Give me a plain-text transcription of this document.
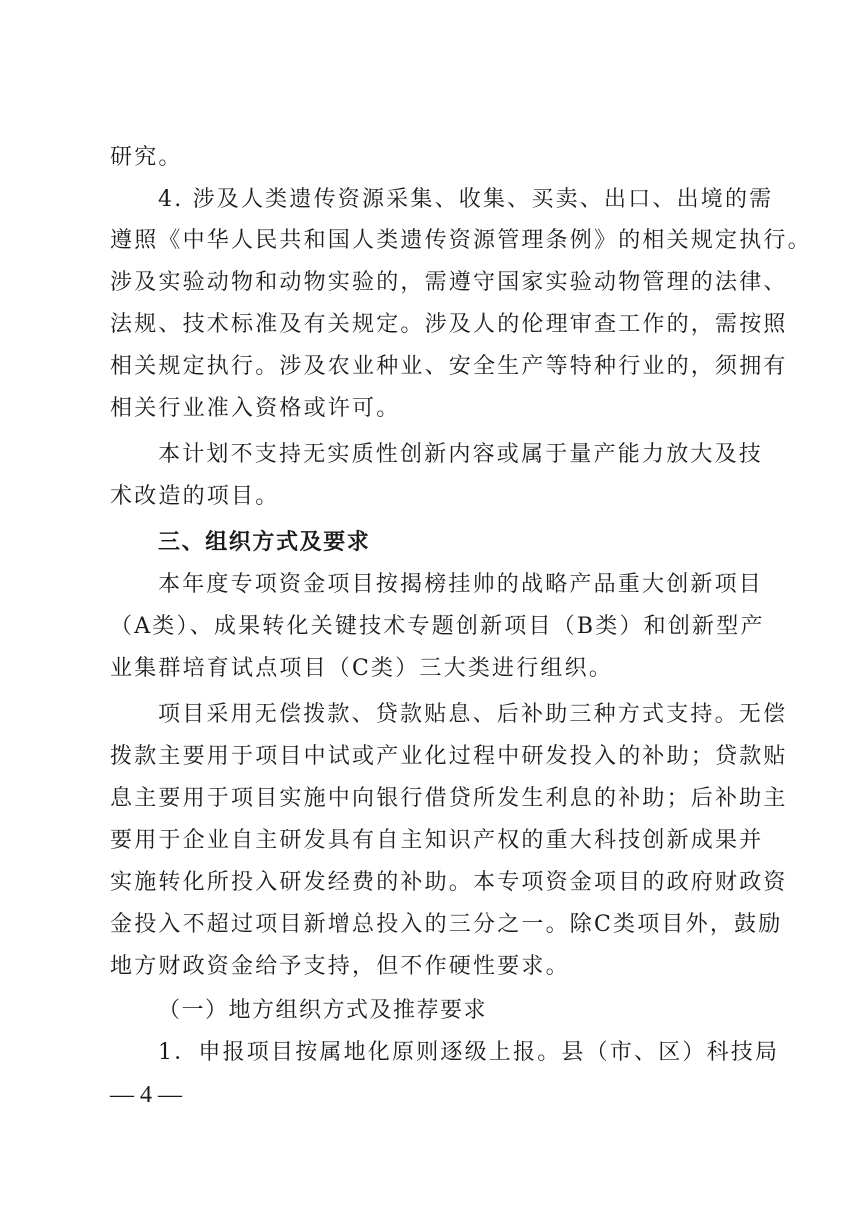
研究。
4. 涉及人类遗传资源采集、收集、买卖、出口、出境的需
遵照《中华人民共和国人类遗传资源管理条例》的相关规定执行。
涉及实验动物和动物实验的，需遵守国家实验动物管理的法律、
法规、技术标准及有关规定。涉及人的伦理审查工作的，需按照
相关规定执行。涉及农业种业、安全生产等特种行业的，须拥有
相关行业准入资格或许可。
本计划不支持无实质性创新内容或属于量产能力放大及技
术改造的项目。
三、组织方式及要求
本年度专项资金项目按揭榜挂帅的战略产品重大创新项目
（A类）、成果转化关键技术专题创新项目（B类）和创新型产
业集群培育试点项目（C类）三大类进行组织。
项目采用无偿拨款、贷款贴息、后补助三种方式支持。无偿
拨款主要用于项目中试或产业化过程中研发投入的补助；贷款贴
息主要用于项目实施中向银行借贷所发生利息的补助；后补助主
要用于企业自主研发具有自主知识产权的重大科技创新成果并
实施转化所投入研发经费的补助。本专项资金项目的政府财政资
金投入不超过项目新增总投入的三分之一。除C类项目外，鼓励
地方财政资金给予支持，但不作硬性要求。
（一）地方组织方式及推荐要求
1．申报项目按属地化原则逐级上报。县（市、区）科技局
— 4 —
